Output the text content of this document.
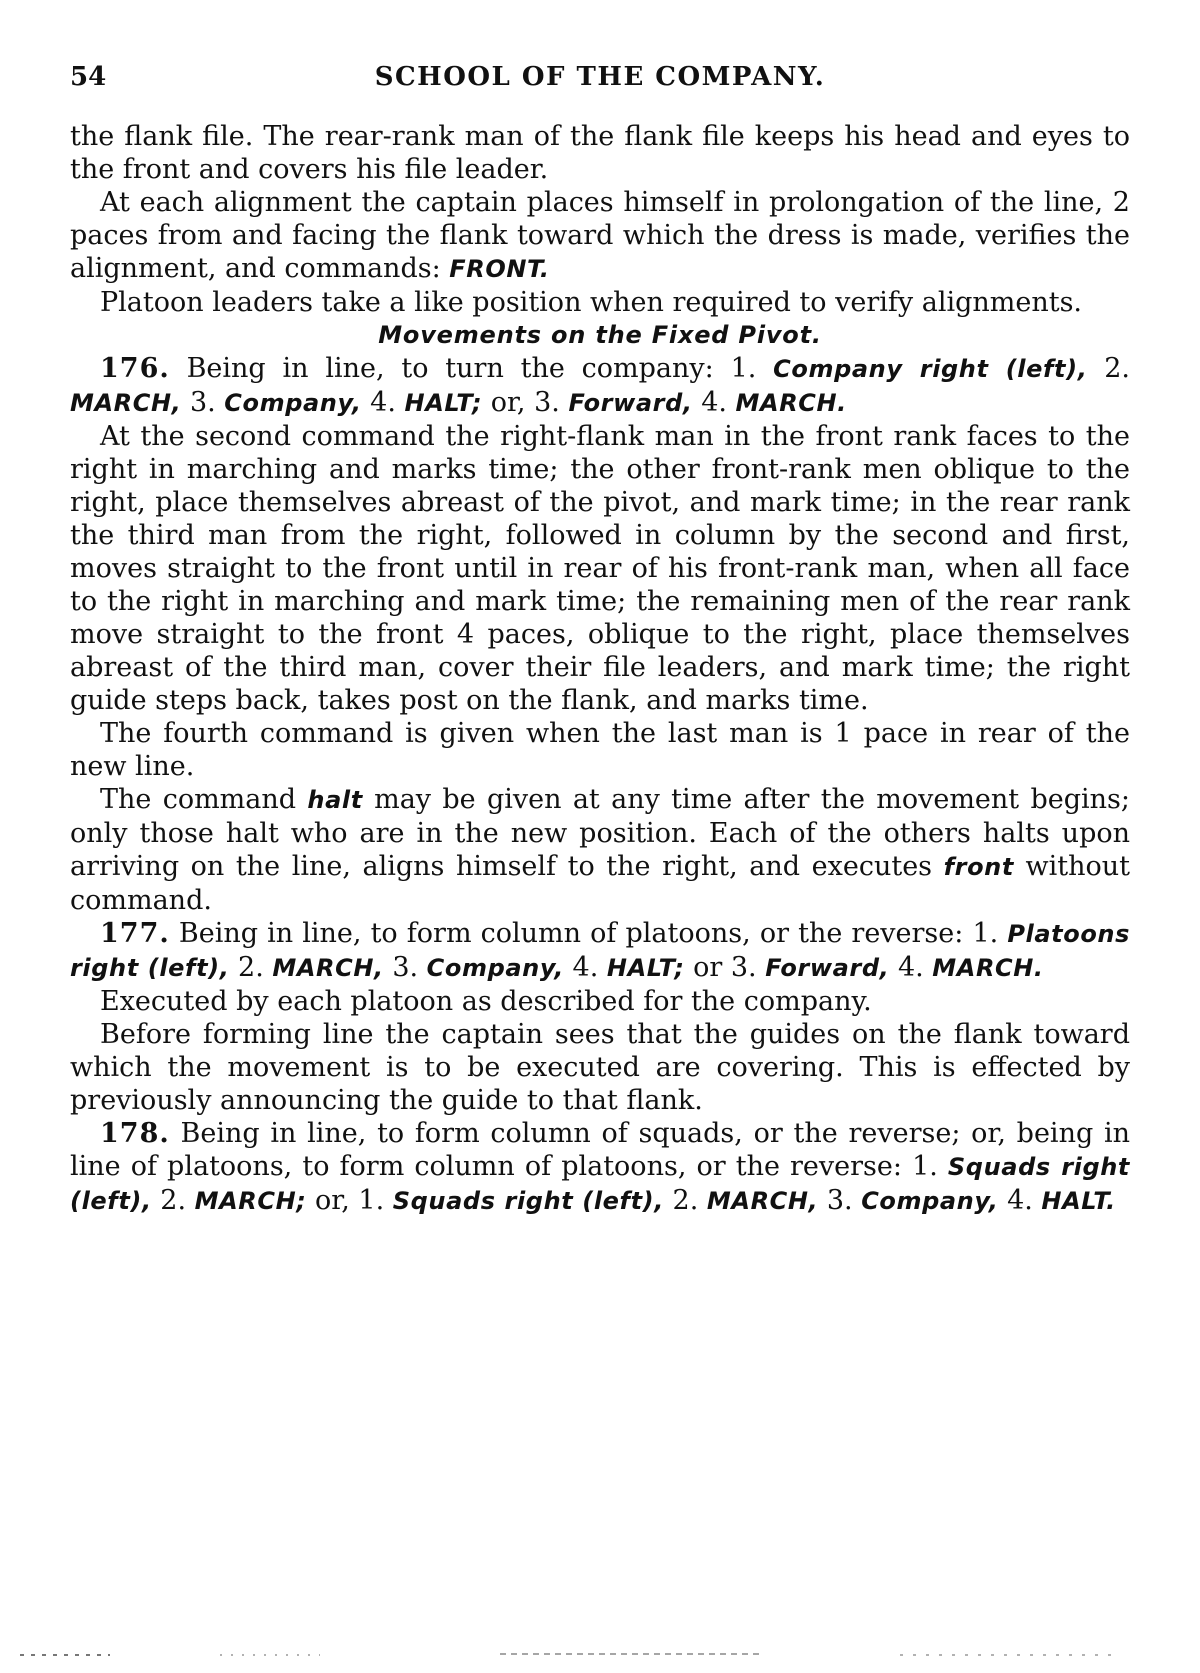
54	SCHOOL OF THE COMPANY.

the flank file. The rear-rank man of the flank file keeps his head and eyes to the front and covers his file leader.

At each alignment the captain places himself in prolongation of the line, 2 paces from and facing the flank toward which the dress is made, verifies the alignment, and commands: FRONT.

Platoon leaders take a like position when required to verify alignments.

Movements on the Fixed Pivot.

176. Being in line, to turn the company: 1. Company right (left), 2. MARCH, 3. Company, 4. HALT; or, 3. Forward, 4. MARCH.

At the second command the right-flank man in the front rank faces to the right in marching and marks time; the other front-rank men oblique to the right, place themselves abreast of the pivot, and mark time; in the rear rank the third man from the right, followed in column by the second and first, moves straight to the front until in rear of his front-rank man, when all face to the right in marching and mark time; the remaining men of the rear rank move straight to the front 4 paces, oblique to the right, place themselves abreast of the third man, cover their file leaders, and mark time; the right guide steps back, takes post on the flank, and marks time.

The fourth command is given when the last man is 1 pace in rear of the new line.

The command halt may be given at any time after the movement begins; only those halt who are in the new position. Each of the others halts upon arriving on the line, aligns himself to the right, and executes front without command.

177. Being in line, to form column of platoons, or the reverse: 1. Platoons right (left), 2. MARCH, 3. Company, 4. HALT; or 3. Forward, 4. MARCH.

Executed by each platoon as described for the company.

Before forming line the captain sees that the guides on the flank toward which the movement is to be executed are covering. This is effected by previously announcing the guide to that flank.

178. Being in line, to form column of squads, or the reverse; or, being in line of platoons, to form column of platoons, or the reverse: 1. Squads right (left), 2. MARCH; or, 1. Squads right (left), 2. MARCH, 3. Company, 4. HALT.
